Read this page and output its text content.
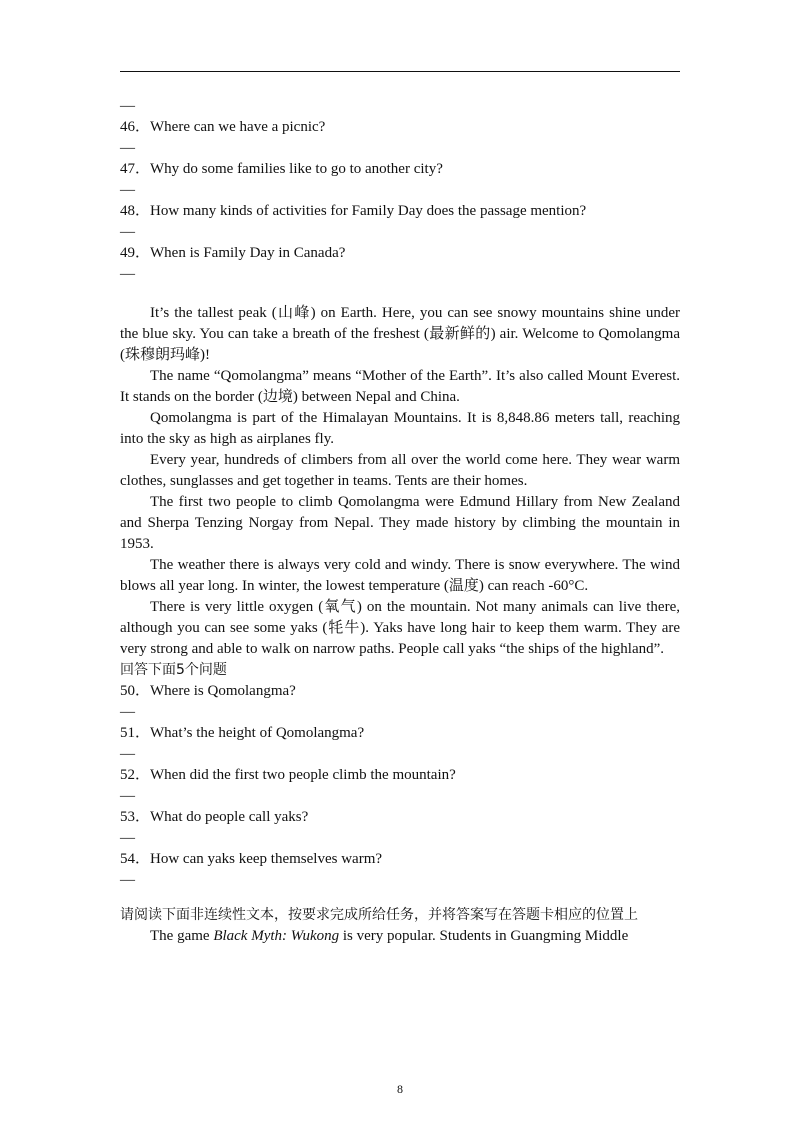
—
46．Where can we have a picnic?
—
47．Why do some families like to go to another city?
—
48．How many kinds of activities for Family Day does the passage mention?
—
49．When is Family Day in Canada?
—

It’s the tallest peak (山峰) on Earth. Here, you can see snowy mountains shine under the blue sky. You can take a breath of the freshest (最新鲜的) air. Welcome to Qomolangma (珠穆朗玛峰)!

The name “Qomolangma” means “Mother of the Earth”. It’s also called Mount Everest. It stands on the border (边境) between Nepal and China.

Qomolangma is part of the Himalayan Mountains. It is 8,848.86 meters tall, reaching into the sky as high as airplanes fly.

Every year, hundreds of climbers from all over the world come here. They wear warm clothes, sunglasses and get together in teams. Tents are their homes.

The first two people to climb Qomolangma were Edmund Hillary from New Zealand and Sherpa Tenzing Norgay from Nepal. They made history by climbing the mountain in 1953.

The weather there is always very cold and windy. There is snow everywhere. The wind blows all year long. In winter, the lowest temperature (温度) can reach -60°C.

There is very little oxygen (氧气) on the mountain. Not many animals can live there, although you can see some yaks (牦牛). Yaks have long hair to keep them warm. They are very strong and able to walk on narrow paths. People call yaks “the ships of the highland”.

回答下面5个问题
50．Where is Qomolangma?
—
51．What’s the height of Qomolangma?
—
52．When did the first two people climb the mountain?
—
53．What do people call yaks?
—
54．How can yaks keep themselves warm?
—
请阅读下面非连续性文本，按要求完成所给任务，并将答案写在答题卡相应的位置上

The game Black Myth: Wukong is very popular. Students in Guangming Middle

8
